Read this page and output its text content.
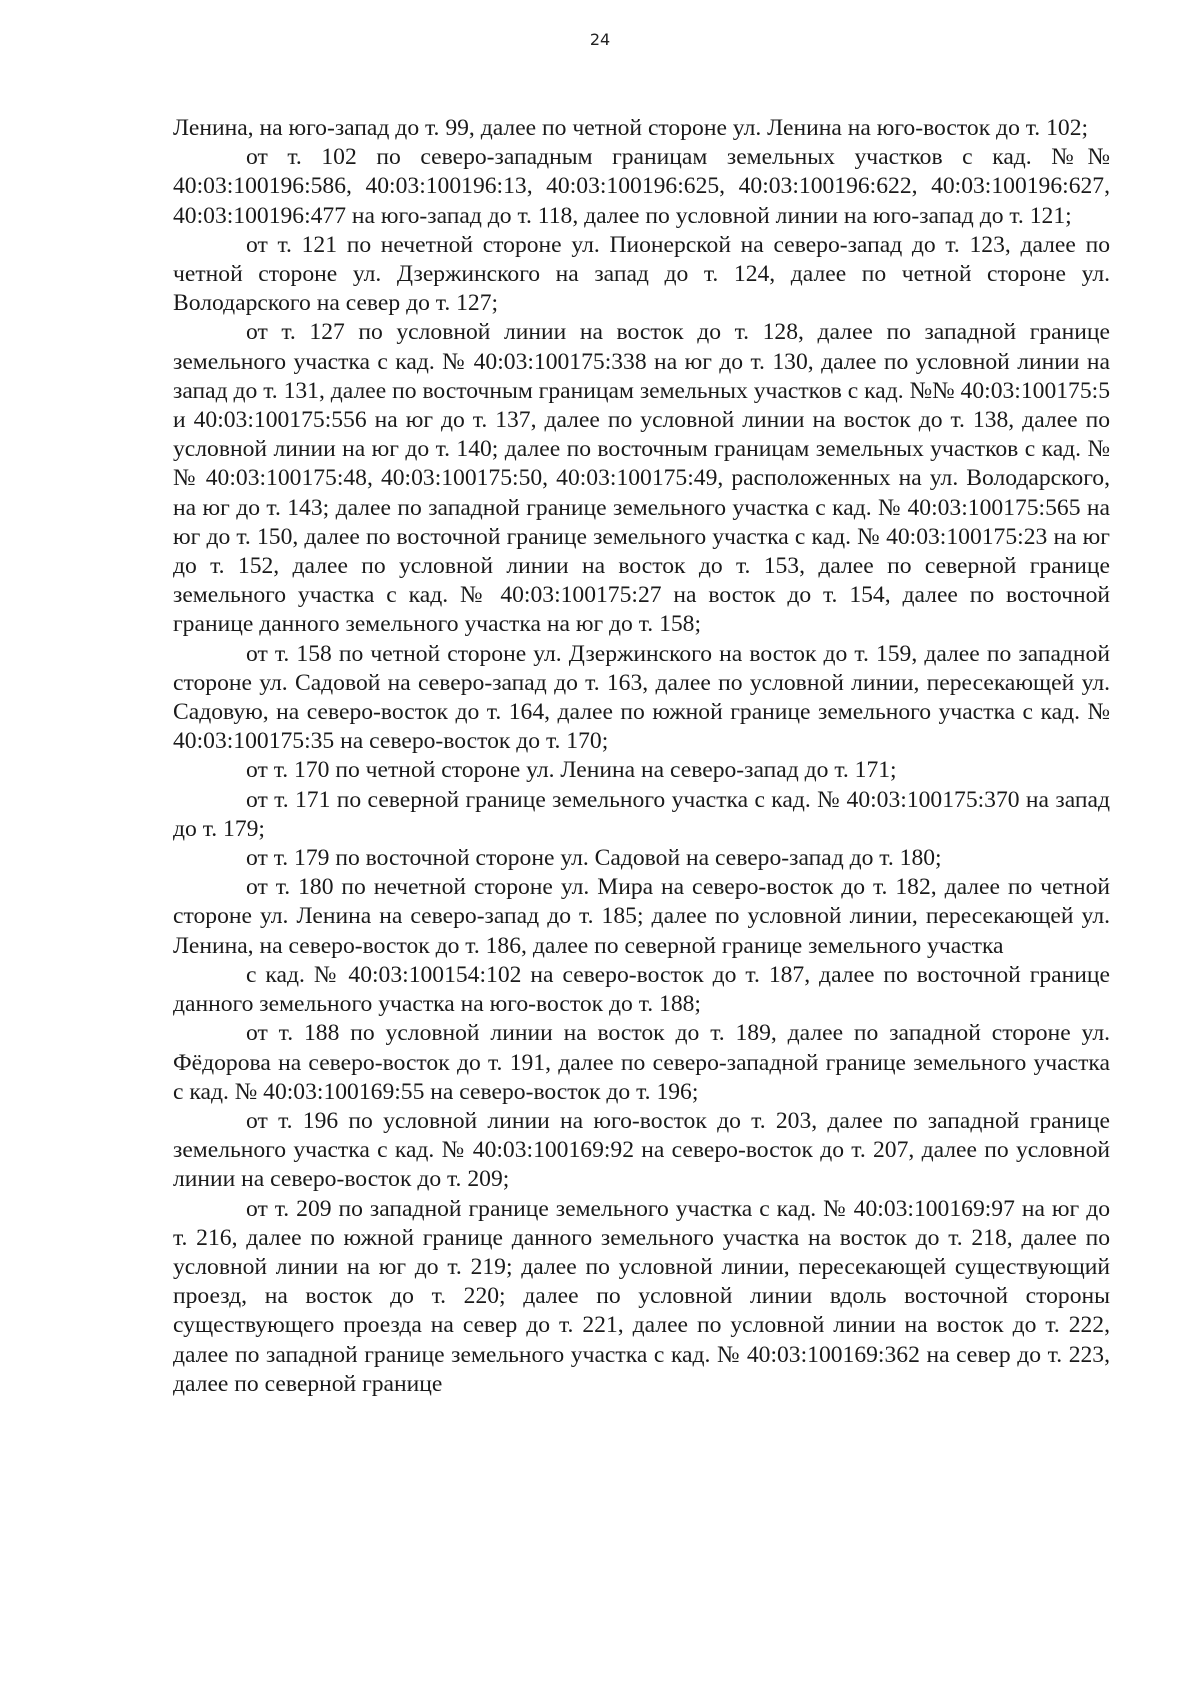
24

Ленина, на юго-запад до т. 99, далее по четной стороне ул. Ленина на юго-восток до т. 102;

от т. 102 по северо-западным границам земельных участков с кад. №№ 40:03:100196:586, 40:03:100196:13, 40:03:100196:625, 40:03:100196:622, 40:03:100196:627, 40:03:100196:477 на юго-запад до т. 118, далее по условной линии на юго-запад до т. 121;

от т. 121 по нечетной стороне ул. Пионерской на северо-запад до т. 123, далее по четной стороне ул. Дзержинского на запад до т. 124, далее по четной стороне ул. Володарского на север до т. 127;

от т. 127 по условной линии на восток до т. 128, далее по западной границе земельного участка с кад. № 40:03:100175:338 на юг до т. 130, далее по условной линии на запад до т. 131, далее по восточным границам земельных участков с кад. №№ 40:03:100175:5 и 40:03:100175:556 на юг до т. 137, далее по условной линии на восток до т. 138, далее по условной линии на юг до т. 140; далее по восточным границам земельных участков с кад. №№ 40:03:100175:48, 40:03:100175:50, 40:03:100175:49, расположенных на ул. Володарского, на юг до т. 143; далее по западной границе земельного участка с кад. № 40:03:100175:565 на юг до т. 150, далее по восточной границе земельного участка с кад. № 40:03:100175:23 на юг до т. 152, далее по условной линии на восток до т. 153, далее по северной границе земельного участка с кад. № 40:03:100175:27 на восток до т. 154, далее по восточной границе данного земельного участка на юг до т. 158;

от т. 158 по четной стороне ул. Дзержинского на восток до т. 159, далее по западной стороне ул. Садовой на северо-запад до т. 163, далее по условной линии, пересекающей ул. Садовую, на северо-восток до т. 164, далее по южной границе земельного участка с кад. № 40:03:100175:35 на северо-восток до т. 170;

от т. 170 по четной стороне ул. Ленина на северо-запад до т. 171;

от т. 171 по северной границе земельного участка с кад. № 40:03:100175:370 на запад до т. 179;

от т. 179 по восточной стороне ул. Садовой на северо-запад до т. 180;

от т. 180 по нечетной стороне ул. Мира на северо-восток до т. 182, далее по четной стороне ул. Ленина на северо-запад до т. 185; далее по условной линии, пересекающей ул. Ленина, на северо-восток до т. 186, далее по северной границе земельного участка

с кад. № 40:03:100154:102 на северо-восток до т. 187, далее по восточной границе данного земельного участка на юго-восток до т. 188;

от т. 188 по условной линии на восток до т. 189, далее по западной стороне ул. Фёдорова на северо-восток до т. 191, далее по северо-западной границе земельного участка с кад. № 40:03:100169:55 на северо-восток до т. 196;

от т. 196 по условной линии на юго-восток до т. 203, далее по западной границе земельного участка с кад. № 40:03:100169:92 на северо-восток до т. 207, далее по условной линии на северо-восток до т. 209;

от т. 209 по западной границе земельного участка с кад. № 40:03:100169:97 на юг до т. 216, далее по южной границе данного земельного участка на восток до т. 218, далее по условной линии на юг до т. 219; далее по условной линии, пересекающей существующий проезд, на восток до т. 220; далее по условной линии вдоль восточной стороны существующего проезда на север до т. 221, далее по условной линии на восток до т. 222, далее по западной границе земельного участка с кад. № 40:03:100169:362 на север до т. 223, далее по северной границе
